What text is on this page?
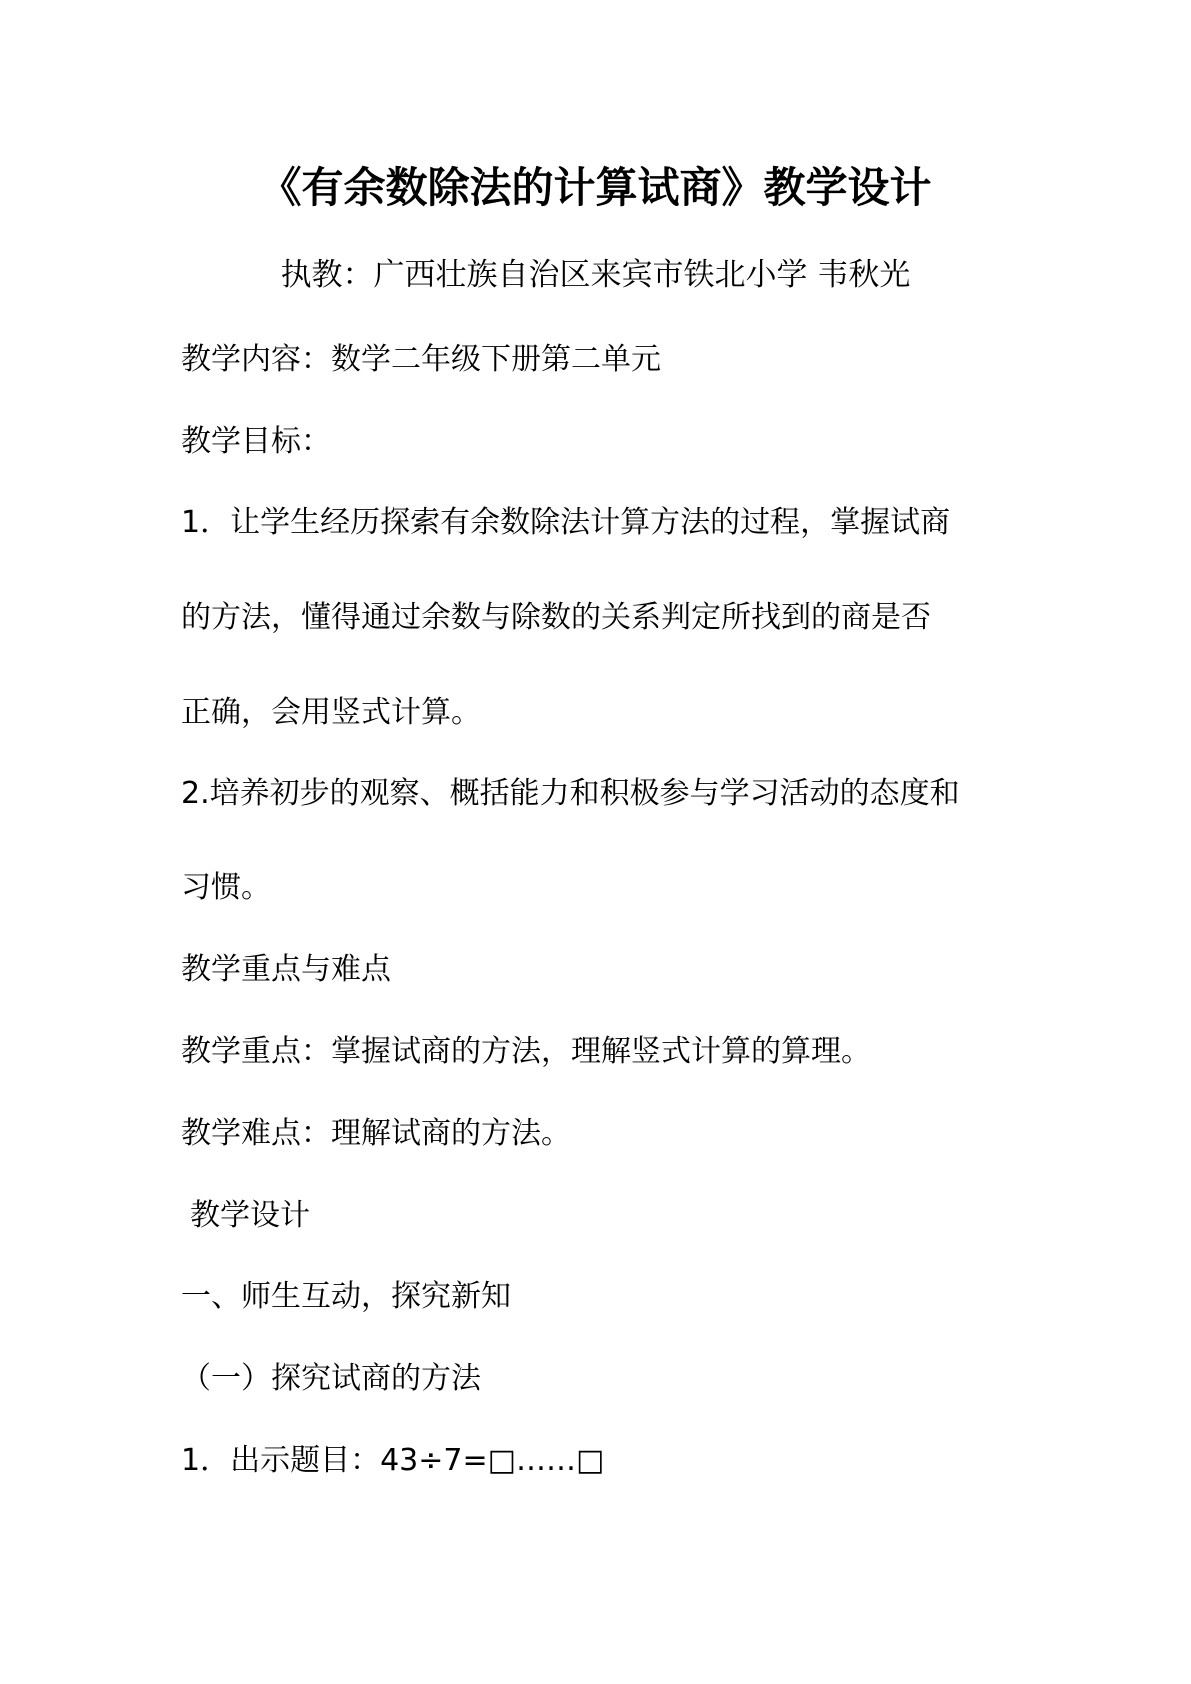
《有余数除法的计算试商》教学设计
执教：广西壮族自治区来宾市铁北小学 韦秋光
教学内容：数学二年级下册第二单元
教学目标：
1．让学生经历探索有余数除法计算方法的过程，掌握试商
的方法，懂得通过余数与除数的关系判定所找到的商是否
正确，会用竖式计算。
2.培养初步的观察、概括能力和积极参与学习活动的态度和
习惯。
教学重点与难点
教学重点：掌握试商的方法，理解竖式计算的算理。
教学难点：理解试商的方法。
教学设计
一、师生互动，探究新知
（一）探究试商的方法
1．出示题目：43÷7=□……□
